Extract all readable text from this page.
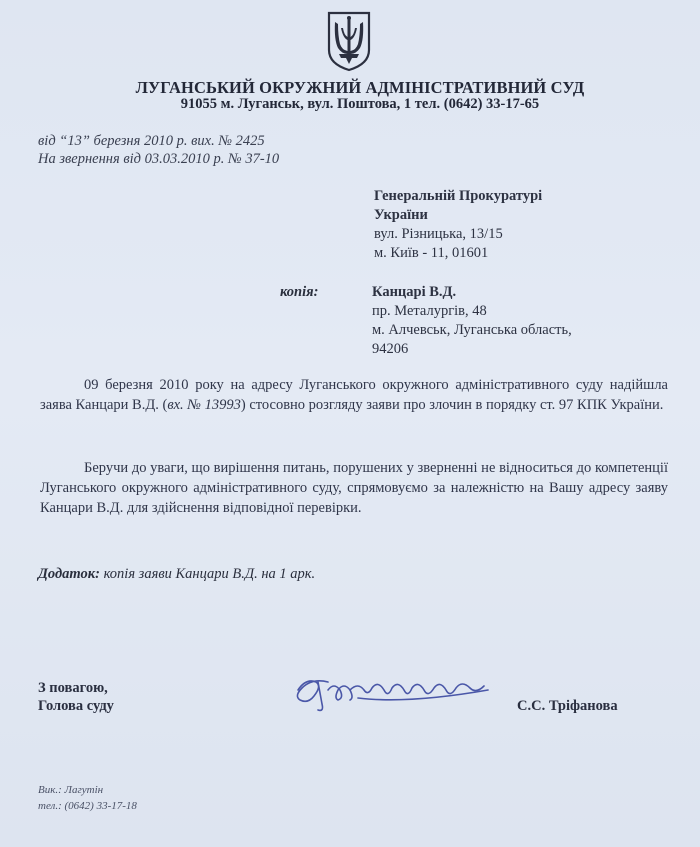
ЛУГАНСЬКИЙ ОКРУЖНИЙ АДМІНІСТРАТИВНИЙ СУД
91055 м. Луганськ, вул. Поштова, 1 тел. (0642) 33-17-65
від “13” березня 2010 р. вих. № 2425
На звернення від 03.03.2010 р. № 37-10
Генеральній Прокуратурі
України
вул. Різницька, 13/15
м. Київ - 11, 01601
копія:	Канцарі В.Д.
пр. Металургів, 48
м. Алчевськ, Луганська область,
94206
09 березня 2010 року на адресу Луганського окружного адміністративного суду надійшла заява Канцари В.Д. (вх. № 13993) стосовно розгляду заяви про злочин в порядку ст. 97 КПК України.
Беручи до уваги, що вирішення питань, порушених у зверненні не відноситься до компетенції Луганського окружного адміністративного суду, спрямовуємо за належністю на Вашу адресу заяву Канцари В.Д. для здійснення відповідної перевірки.
Додаток: копія заяви Канцари В.Д. на 1 арк.
З повагою,
Голова суду	С.С. Тріфанова
Вик.: Лагутін
тел.: (0642) 33-17-18
